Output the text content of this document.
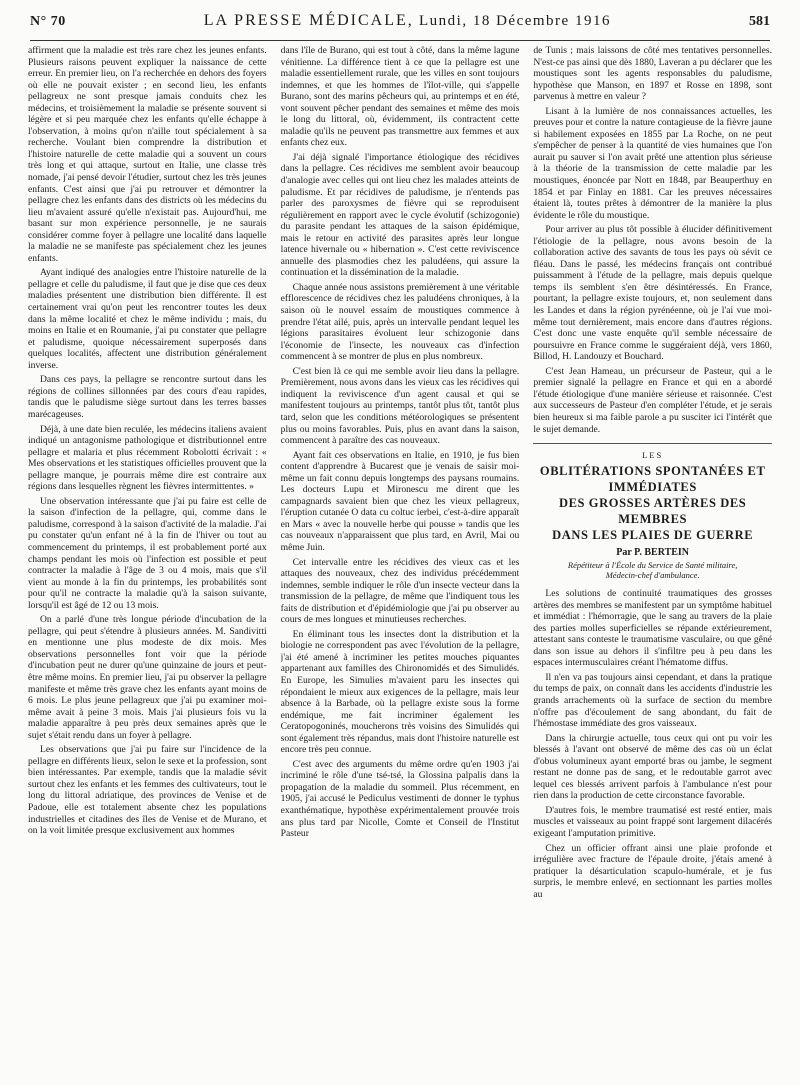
N° 70	LA PRESSE MÉDICALE, Lundi, 18 Décembre 1916	581

affirment que la maladie est très rare chez les jeunes enfants. Plusieurs raisons peuvent expliquer la naissance de cette erreur. En premier lieu, on l'a recherchée en dehors des foyers où elle ne pouvait exister ; en second lieu, les enfants pellagreux ne sont presque jamais conduits chez les médecins, et troisièmement la maladie se présente souvent si légère et si peu marquée chez les enfants qu'elle échappe à l'observation, à moins qu'on n'aille tout spécialement à sa recherche. Voulant bien comprendre la distribution et l'histoire naturelle de cette maladie qui a souvent un cours très long et qui attaque, surtout en Italie, une classe très nomade, j'ai pensé devoir l'étudier, surtout chez les très jeunes enfants. C'est ainsi que j'ai pu retrouver et démontrer la pellagre chez les enfants dans des districts où les médecins du lieu m'avaient assuré qu'elle n'existait pas. Aujourd'hui, me basant sur mon expérience personnelle, je ne saurais considérer comme foyer à pellagre une localité dans laquelle la maladie ne se manifeste pas spécialement chez les jeunes enfants.

Ayant indiqué des analogies entre l'histoire naturelle de la pellagre et celle du paludisme, il faut que je dise que ces deux maladies présentent une distribution bien différente. Il est certainement vrai qu'on peut les rencontrer toutes les deux dans la même localité et chez le même individu ; mais, du moins en Italie et en Roumanie, j'ai pu constater que pellagre et paludisme, quoique nécessairement superposés dans quelques localités, affectent une distribution généralement inverse.

Dans ces pays, la pellagre se rencontre surtout dans les régions de collines sillonnées par des cours d'eau rapides, tandis que le paludisme siège surtout dans les terres basses marécageuses.

Déjà, à une date bien reculée, les médecins italiens avaient indiqué un antagonisme pathologique et distributionnel entre pellagre et malaria et plus récemment Robolotti écrivait : « Mes observations et les statistiques officielles prouvent que la pellagre manque, je pourrais même dire est contraire aux régions dans lesquelles règnent les fièvres intermittentes. »

Une observation intéressante que j'ai pu faire est celle de la saison d'infection de la pellagre, qui, comme dans le paludisme, correspond à la saison d'activité de la maladie. J'ai pu constater qu'un enfant né à la fin de l'hiver ou tout au commencement du printemps, il est probablement porté aux champs pendant les mois où l'infection est possible et peut contracter la maladie à l'âge de 3 ou 4 mois, mais que s'il vient au monde à la fin du printemps, les probabilités sont pour qu'il ne contracte la maladie qu'à la saison suivante, lorsqu'il est âgé de 12 ou 13 mois.

On a parlé d'une très longue période d'incubation de la pellagre, qui peut s'étendre à plusieurs années. M. Sandivitti en mentionne une plus modeste de dix mois. Mes observations personnelles font voir que la période d'incubation peut ne durer qu'une quinzaine de jours et peut-être même moins. En premier lieu, j'ai pu observer la pellagre manifeste et même très grave chez les enfants ayant moins de 6 mois. Le plus jeune pellagreux que j'ai pu examiner moi-même avait à peine 3 mois. Mais j'ai plusieurs fois vu la maladie apparaître à peu près deux semaines après que le sujet s'était rendu dans un foyer à pellagre.

Les observations que j'ai pu faire sur l'incidence de la pellagre en différents lieux, selon le sexe et la profession, sont bien intéressantes. Par exemple, tandis que la maladie sévit surtout chez les enfants et les femmes des cultivateurs, tout le long du littoral adriatique, des provinces de Venise et de Padoue, elle est totalement absente chez les populations industrielles et citadines des îles de Venise et de Murano, et on la voit limitée presque exclusivement aux hommes

dans l'île de Burano, qui est tout à côté, dans la même lagune vénitienne. La différence tient à ce que la pellagre est une maladie essentiellement rurale, que les villes en sont toujours indemnes, et que les hommes de l'îlot-ville, qui s'appelle Burano, sont des marins pêcheurs qui, au printemps et en été, vont souvent pêcher pendant des semaines et même des mois le long du littoral, où, évidemment, ils contractent cette maladie qu'ils ne peuvent pas transmettre aux femmes et aux enfants chez eux.

J'ai déjà signalé l'importance étiologique des récidives dans la pellagre. Ces récidives me semblent avoir beaucoup d'analogie avec celles qui ont lieu chez les malades atteints de paludisme. Et par récidives de paludisme, je n'entends pas parler des paroxysmes de fièvre qui se reproduisent régulièrement en rapport avec le cycle évolutif (schizogonie) du parasite pendant les attaques de la saison épidémique, mais le retour en activité des parasites après leur longue latence hivernale ou « hibernation ». C'est cette reviviscence annuelle des plasmodies chez les paludéens, qui assure la continuation et la dissémination de la maladie.

Chaque année nous assistons premièrement à une véritable efflorescence de récidives chez les paludéens chroniques, à la saison où le nouvel essaim de moustiques commence à prendre l'état ailé, puis, après un intervalle pendant lequel les légions parasitaires évoluent leur schizogonie dans l'économie de l'insecte, les nouveaux cas d'infection commencent à se montrer de plus en plus nombreux.

C'est bien là ce qui me semble avoir lieu dans la pellagre. Premièrement, nous avons dans les vieux cas les récidives qui indiquent la reviviscence d'un agent causal et qui se manifestent toujours au printemps, tantôt plus tôt, tantôt plus tard, selon que les conditions météorologiques se présentent plus ou moins favorables. Puis, plus en avant dans la saison, commencent à paraître des cas nouveaux.

Ayant fait ces observations en Italie, en 1910, je fus bien content d'apprendre à Bucarest que je venais de saisir moi-même un fait connu depuis longtemps des paysans roumains. Les docteurs Lupu et Mironescu me dirent que les campagnards savaient bien que chez les vieux pellagreux, l'éruption cutanée O data cu coltuc ierbei, c'est-à-dire apparaît en Mars « avec la nouvelle herbe qui pousse » tandis que les cas nouveaux n'apparaissent que plus tard, en Avril, Mai ou même Juin.

Cet intervalle entre les récidives des vieux cas et les attaques des nouveaux, chez des individus précédemment indemnes, semble indiquer le rôle d'un insecte vecteur dans la transmission de la pellagre, de même que l'indiquent tous les faits de distribution et d'épidémiologie que j'ai pu observer au cours de mes longues et minutieuses recherches.

En éliminant tous les insectes dont la distribution et la biologie ne correspondent pas avec l'évolution de la pellagre, j'ai été amené à incriminer les petites mouches piquantes appartenant aux familles des Chironomidés et des Simulidés. En Europe, les Simulies m'avaient paru les insectes qui répondaient le mieux aux exigences de la pellagre, mais leur absence à la Barbade, où la pellagre existe sous la forme endémique, me fait incriminer également les Ceratopogoninés, moucherons très voisins des Simulidés qui sont également très répandus, mais dont l'histoire naturelle est encore très peu connue.

C'est avec des arguments du même ordre qu'en 1903 j'ai incriminé le rôle d'une tsé-tsé, la Glossina palpalis dans la propagation de la maladie du sommeil. Plus récemment, en 1905, j'ai accusé le Pediculus vestimenti de donner le typhus exanthématique, hypothèse expérimentalement prouvée trois ans plus tard par Nicolle, Comte et Conseil de l'Institut Pasteur

de Tunis ; mais laissons de côté mes tentatives personnelles. N'est-ce pas ainsi que dès 1880, Laveran a pu déclarer que les moustiques sont les agents responsables du paludisme, hypothèse que Manson, en 1897 et Rosse en 1898, sont parvenus à mettre en valeur ?

Lisant à la lumière de nos connaissances actuelles, les preuves pour et contre la nature contagieuse de la fièvre jaune si habilement exposées en 1855 par La Roche, on ne peut s'empêcher de penser à la quantité de vies humaines que l'on aurait pu sauver si l'on avait prêté une attention plus sérieuse à la théorie de la transmission de cette maladie par les moustiques, énoncée par Nott en 1848, par Beauperthuy en 1854 et par Finlay en 1881. Car les preuves nécessaires étaient là, toutes prêtes à démontrer de la manière la plus évidente le rôle du moustique.

Pour arriver au plus tôt possible à élucider définitivement l'étiologie de la pellagre, nous avons besoin de la collaboration active des savants de tous les pays où sévit ce fléau. Dans le passé, les médecins français ont contribué puissamment à l'étude de la pellagre, mais depuis quelque temps ils semblent s'en être désintéressés. En France, pourtant, la pellagre existe toujours, et, non seulement dans les Landes et dans la région pyrénéenne, où je l'ai vue moi-même tout dernièrement, mais encore dans d'autres régions. C'est donc une vaste enquête qu'il semble nécessaire de poursuivre en France comme le suggéraient déjà, vers 1860, Billod, H. Landouzy et Bouchard.

C'est Jean Hameau, un précurseur de Pasteur, qui a le premier signalé la pellagre en France et qui en a abordé l'étude étiologique d'une manière sérieuse et raisonnée. C'est aux successeurs de Pasteur d'en compléter l'étude, et je serais bien heureux si ma faible parole a pu susciter ici l'intérêt que le sujet demande.

LES
OBLITÉRATIONS SPONTANÉES ET IMMÉDIATES
DES GROSSES ARTÈRES DES MEMBRES
DANS LES PLAIES DE GUERRE
Par P. BERTEIN
Répétiteur à l'École du Service de Santé militaire,
Médecin-chef d'ambulance.

Les solutions de continuité traumatiques des grosses artères des membres se manifestent par un symptôme habituel et immédiat : l'hémorragie, que le sang au travers de la plaie des parties molles superficielles se répande extérieurement, attestant sans conteste le traumatisme vasculaire, ou que gêné dans son issue au dehors il s'infiltre peu à peu dans les espaces intermusculaires créant l'hématome diffus.

Il n'en va pas toujours ainsi cependant, et dans la pratique du temps de paix, on connaît dans les accidents d'industrie les grands arrachements où la surface de section du membre n'offre pas d'écoulement de sang abondant, du fait de l'hémostase immédiate des gros vaisseaux.

Dans la chirurgie actuelle, tous ceux qui ont pu voir les blessés à l'avant ont observé de même des cas où un éclat d'obus volumineux ayant emporté bras ou jambe, le segment restant ne donne pas de sang, et le redoutable garrot avec lequel ces blessés arrivent parfois à l'ambulance n'est pour rien dans la production de cette circonstance favorable.

D'autres fois, le membre traumatisé est resté entier, mais muscles et vaisseaux au point frappé sont largement dilacérés exigeant l'amputation primitive.

Chez un officier offrant ainsi une plaie profonde et irrégulière avec fracture de l'épaule droite, j'étais amené à pratiquer la désarticulation scapulo-humérale, et je fus surpris, le membre enlevé, en sectionnant les parties molles au
